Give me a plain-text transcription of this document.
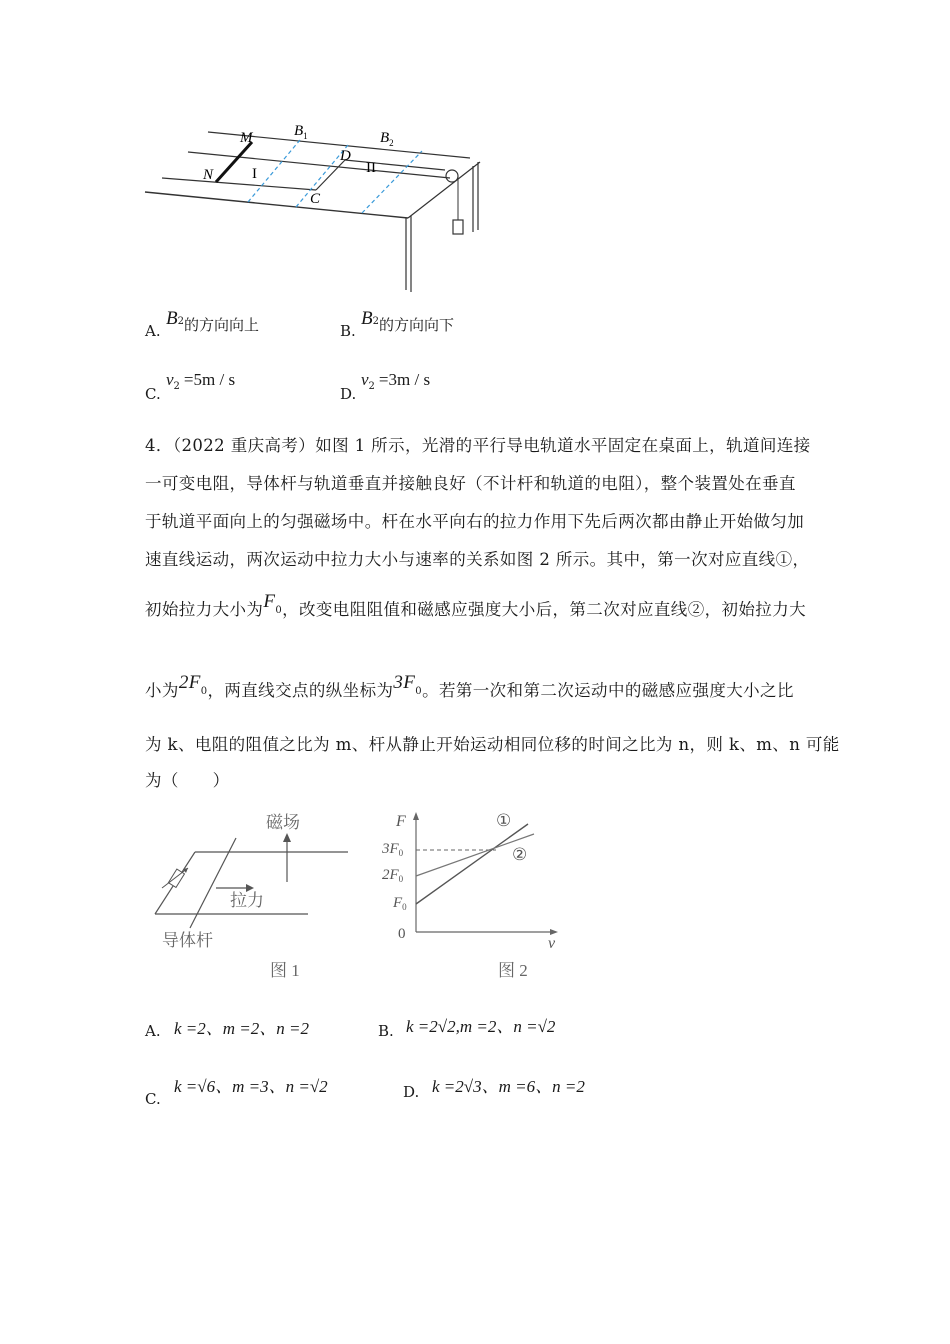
M
N
$B_1$	$B_2$
D
C
I	II
A.
$B_2$的方向向上	B.
$B_2$的方向向下
C.
$v_2 =5m / s$
D.
$v_2 =3m / s$
4．（2022 重庆高考）如图 1 所示，光滑的平行导电轨道水平固定在桌面上，轨道间连接
一可变电阻，导体杆与轨道垂直并接触良好（不计杆和轨道的电阻），整个装置处在垂直
于轨道平面向上的匀强磁场中。杆在水平向右的拉力作用下先后两次都由静止开始做匀加
速直线运动，两次运动中拉力大小与速率的关系如图 2 所示。其中，第一次对应直线①，
初始拉力大小为$F_0$，改变电阻阻值和磁感应强度大小后，第二次对应直线②，初始拉力大
小为$2F_0$，两直线交点的纵坐标为$3F_0$。若第一次和第二次运动中的磁感应强度大小之比
为 k、电阻的阻值之比为 m、杆从静止开始运动相同位移的时间之比为 n，则 k、m、n 可能
为（　　）
磁场
拉力
导体杆
图 1
F
v
$3F_0$
$2F_0$
$F_0$
0
①
②
图 2
A. k =2、m =2、n =2	B. k =2√2,m =2、n =√2
C.
k =√6、m =3、n =√2	D. k =2√3、m =6、n =2
